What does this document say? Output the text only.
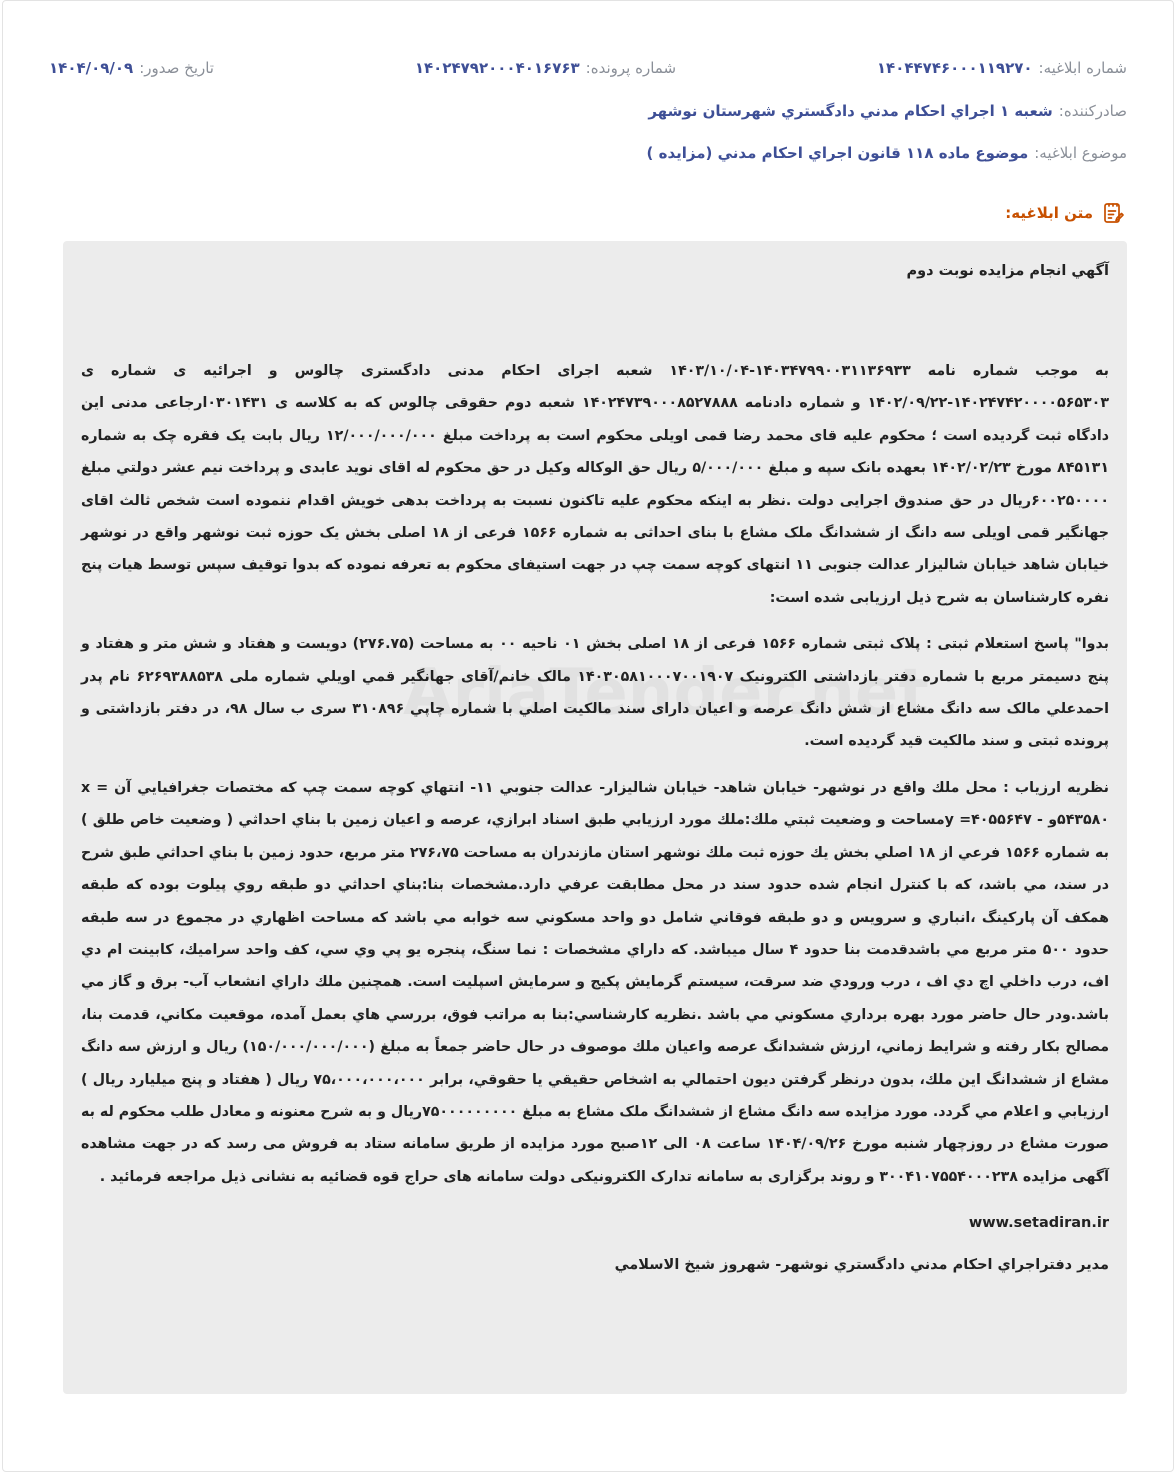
شماره ابلاغيه:
۱۴۰۴۴۷۴۶۰۰۰۱۱۹۲۷۰
شماره پرونده:
۱۴۰۲۴۷۹۲۰۰۰۴۰۱۶۷۶۳
تاريخ صدور:
۱۴۰۴/۰۹/۰۹
صادرکننده:
شعبه ۱ اجراي احکام مدني دادگستري شهرستان نوشهر
موضوع ابلاغيه:
موضوع ماده ۱۱۸ قانون اجراي احکام مدني (مزايده )
متن ابلاغيه:

آگهي انجام مزايده نوبت دوم

به موجب شماره نامه ۱۴۰۳۴۷۹۹۰۰۳۱۱۳۶۹۳۳-۱۴۰۳/۱۰/۰۴ شعبه اجرای احکام مدنی دادگستری چالوس و اجرائیه ی شماره ی ۱۴۰۲۴۷۴۲۰۰۰۰۵۶۵۳۰۳-۱۴۰۲/۰۹/۲۲ و شماره دادنامه ۱۴۰۲۴۷۳۹۰۰۰۸۵۲۷۸۸۸ شعبه دوم حقوقی چالوس که به کلاسه ی ۰۳۰۱۴۳۱ارجاعی مدنی این دادگاه ثبت گردیده است ؛ محکوم علیه قای محمد رضا قمی اویلی محکوم است به پرداخت مبلغ ۱۲/۰۰۰/۰۰۰/۰۰۰ ریال بابت یک فقره چک به شماره ۸۴۵۱۳۱ مورخ ۱۴۰۲/۰۲/۲۳ بعهده بانک سپه و مبلغ ۵/۰۰۰/۰۰۰ ریال حق الوکاله وکیل در حق محکوم له اقای نوید عابدی و پرداخت نیم عشر دولتي مبلغ ۶۰۰۲۵۰۰۰۰ریال در حق صندوق اجرایی دولت .نظر به اینکه محکوم علیه تاکنون نسبت به پرداخت بدهی خویش اقدام ننموده است شخص ثالث اقای جهانگیر قمی اویلی سه دانگ از ششدانگ ملک مشاع با بنای احداثی به شماره ۱۵۶۶ فرعی از ۱۸ اصلی بخش یک حوزه ثبت نوشهر واقع در نوشهر خیابان شاهد خیابان شالیزار عدالت جنوبی ۱۱ انتهای کوچه سمت چپ در جهت استیفای محکوم به تعرفه نموده که بدوا توقیف سپس توسط هیات پنج نفره کارشناسان به شرح ذیل ارزیابی شده است:

بدوا" پاسخ استعلام ثبتی : پلاک ثبتی شماره ۱۵۶۶ فرعی از ۱۸ اصلی بخش ۰۱ ناحیه ۰۰ به مساحت (۲۷۶.۷۵) دویست و هفتاد و شش متر و هفتاد و پنج دسیمتر مربع با شماره دفتر بازداشتی الکترونیک ۱۴۰۳۰۵۸۱۰۰۰۷۰۰۱۹۰۷ مالک خانم/آقای جهانگیر قمي اويلي شماره ملی ۶۲۶۹۳۸۸۵۳۸ نام پدر احمدعلي مالک سه دانگ مشاع از شش دانگ عرصه و اعيان دارای سند مالکيت اصلي با شماره چاپي ۳۱۰۸۹۶ سری ب سال ۹۸، در دفتر بازداشتی و پرونده ثبتی و سند مالکيت قيد گرديده است.

نظريه ارزياب : محل ملك واقع در نوشهر- خيابان شاهد- خيابان شاليزار- عدالت جنوبي ۱۱- انتهاي كوچه سمت چپ كه مختصات جغرافيايي آن x = ۵۴۳۵۸۰و - ۴۰۵۵۶۴۷= yمساحت و وضعيت ثبتي ملك:ملك مورد ارزيابي طبق اسناد ابرازي، عرصه و اعيان زمين با بناي احداثي ( وضعيت خاص طلق ) به شماره ۱۵۶۶ فرعي از ۱۸ اصلي بخش يك حوزه ثبت ملك نوشهر استان مازندران به مساحت ۲۷۶،۷۵ متر مربع، حدود زمين با بناي احداثي طبق شرح در سند، مي باشد، كه با كنترل انجام شده حدود سند در محل مطابقت عرفي دارد.مشخصات بنا:بناي احداثي دو طبقه روي پيلوت بوده كه طبقه همكف آن پاركينگ ،انباري و سرويس و دو طبقه فوقاني شامل دو واحد مسكوني سه خوابه مي باشد كه مساحت اظهاري در مجموع در سه طبقه حدود ۵۰۰ متر مربع مي باشدقدمت بنا حدود ۴ سال ميباشد. كه داراي مشخصات : نما سنگ، پنجره يو پي وي سي، كف واحد سراميك، كابينت ام دي اف، درب داخلي اچ دي اف ، درب ورودي ضد سرقت، سيستم گرمايش پكيج و سرمايش اسپليت است. همچنين ملك داراي انشعاب آب- برق و گاز مي باشد.ودر حال حاضر مورد بهره برداري مسكوني مي باشد .نظريه كارشناسي:بنا به مراتب فوق، بررسي هاي بعمل آمده، موقعيت مكاني، قدمت بنا، مصالح بكار رفته و شرايط زماني، ارزش ششدانگ عرصه واعيان ملك موصوف در حال حاضر جمعاً به مبلغ (۱۵۰/۰۰۰/۰۰۰/۰۰۰) ريال و ارزش سه دانگ مشاع از ششدانگ اين ملك، بدون درنظر گرفتن ديون احتمالي به اشخاص حقيقي يا حقوقي، برابر ۷۵،۰۰۰،۰۰۰،۰۰۰ ريال ( هفتاد و پنج ميليارد ريال ) ارزيابي و اعلام مي گردد. مورد مزایده سه دانگ مشاع از ششدانگ ملک مشاع به مبلغ ۷۵۰۰۰۰۰۰۰۰۰ریال و به شرح معنونه و معادل طلب محکوم له به صورت مشاع در روزچهار شنبه مورخ ۱۴۰۴/۰۹/۲۶ ساعت ۰۸ الی ۱۲صبح مورد مزایده از طریق سامانه ستاد به فروش می رسد که در جهت مشاهده آگهی مزایده ۳۰۰۴۱۰۷۵۵۴۰۰۰۲۳۸ و روند برگزاری به سامانه تدارک الکترونیکی دولت سامانه های حراج قوه قضائیه به نشانی ذیل مراجعه فرمائید .

www.setadiran.ir
مدير دفتراجراي احكام مدني دادگستري نوشهر- شهروز شيخ الاسلامي
